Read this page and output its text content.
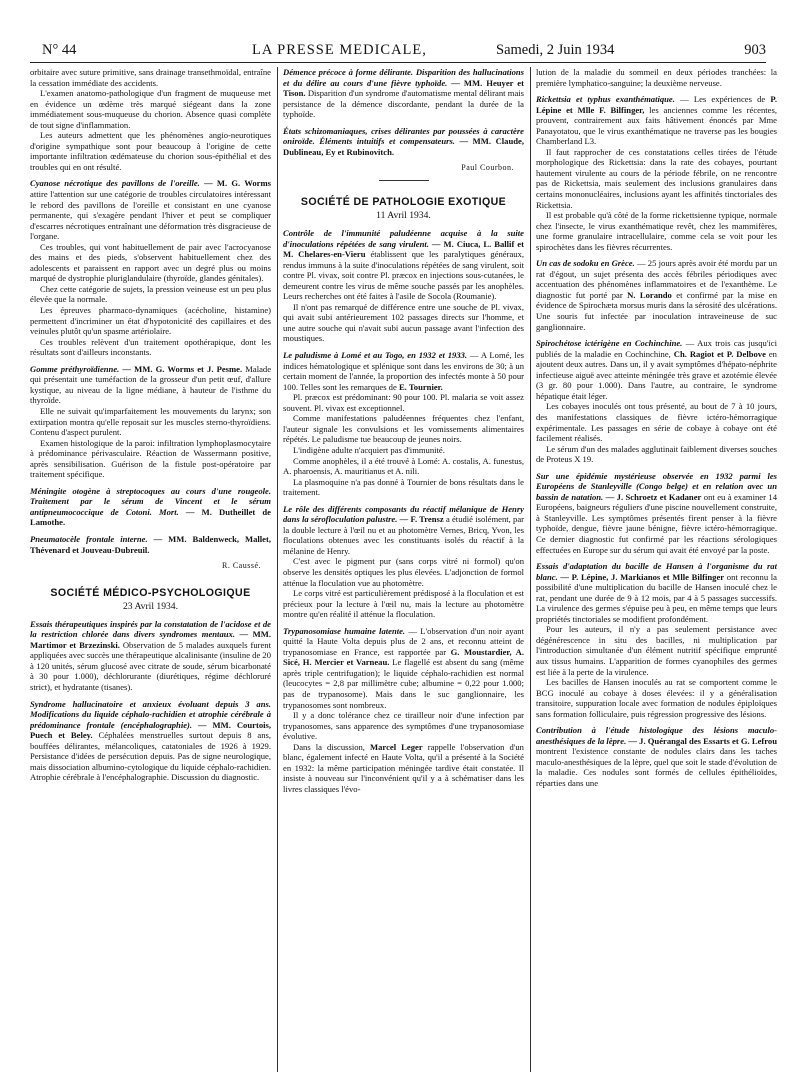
N° 44	LA PRESSE MEDICALE,	Samedi, 2 Juin 1934	903

orbitaire avec suture primitive, sans drainage transethmoïdal, entraîne la cessation immédiate des accidents.

L'examen anatomo-pathologique d'un fragment de muqueuse met en évidence un œdème très marqué siégeant dans la zone immédiatement sous-muqueuse du chorion. Absence quasi complète de tout signe d'inflammation.

Les auteurs admettent que les phénomènes angio-neurotiques d'origine sympathique sont pour beaucoup à l'origine de cette importante infiltration œdémateuse du chorion sous-épithélial et des troubles qui en ont résulté.

Cyanose nécrotique des pavillons de l'oreille. — M. G. Worms attire l'attention sur une catégorie de troubles circulatoires intéressant le rebord des pavillons de l'oreille et consistant en une cyanose permanente, qui s'exagère pendant l'hiver et peut se compliquer d'escarres nécrotiques entraînant une déformation très disgracieuse de l'organe.

Ces troubles, qui vont habituellement de pair avec l'acrocyanose des mains et des pieds, s'observent habituellement chez des adolescents et paraissent en rapport avec un degré plus ou moins marqué de dystrophie pluriglandulaire (thyroïde, glandes génitales).

Chez cette catégorie de sujets, la pression veineuse est un peu plus élevée que la normale.

Les épreuves pharmaco-dynamiques (acécholine, histamine) permettent d'incriminer un état d'hypotonicité des capillaires et des veinules plutôt qu'un spasme artériolaire.

Ces troubles relèvent d'un traitement opothérapique, dont les résultats sont d'ailleurs inconstants.

Gomme préthyroïdienne. — MM. G. Worms et J. Pesme. Malade qui présentait une tuméfaction de la grosseur d'un petit œuf, d'allure kystique, au niveau de la ligne médiane, à hauteur de l'isthme du thyroïde.

Elle ne suivait qu'imparfaitement les mouvements du larynx; son extirpation montra qu'elle reposait sur les muscles sterno-thyroïdiens. Contenu d'aspect purulent.

Examen histologique de la paroi: infiltration lymphoplasmocytaire à prédominance périvasculaire. Réaction de Wassermann positive, après sensibilisation. Guérison de la fistule post-opératoire par traitement spécifique.

Méningite otogène à streptocoques au cours d'une rougeole. Traitement par le sérum de Vincent et le sérum antipneumococcique de Cotoni. Mort. — M. Dutheillet de Lamothe.

Pneumatocèle frontale interne. — MM. Baldenweck, Mallet, Thévenard et Jouveau-Dubreuil.

R. Caussé.

SOCIÉTÉ MÉDICO-PSYCHOLOGIQUE
23 Avril 1934.

Essais thérapeutiques inspirés par la constatation de l'acidose et de la restriction chlorée dans divers syndromes mentaux. — MM. Martimor et Brzezinski. Observation de 5 malades auxquels furent appliquées avec succès une thérapeutique alcalinisante (insuline de 20 à 120 unités, sérum glucosé avec citrate de soude, sérum bicarbonaté à 30 pour 1.000), déchlorurante (diurétiques, régime déchloruré strict), et hydratante (tisanes).

Syndrome hallucinatoire et anxieux évoluant depuis 3 ans. Modifications du liquide céphalo-rachidien et atrophie cérébrale à prédominance frontale (encéphalographie). — MM. Courtois, Puech et Beley. Céphalées menstruelles surtout depuis 8 ans, bouffées délirantes, mélancoliques, catatoniales de 1926 à 1929. Persistance d'idées de persécution depuis. Pas de signe neurologique, mais dissociation albumino-cytologique du liquide céphalo-rachidien. Atrophie cérébrale à l'encéphalographie. Discussion du diagnostic.

Démence précoce à forme délirante. Disparition des hallucinations et du délire au cours d'une fièvre typhoïde. — MM. Heuyer et Tison. Disparition d'un syndrome d'automatisme mental délirant mais persistance de la démence discordante, pendant la durée de la typhoïde.

États schizomaniaques, crises délirantes par poussées à caractère oniroïde. Éléments intuitifs et compensateurs. — MM. Claude, Dublineau, Ey et Rubinovitch.

Paul Courbon.

SOCIÉTÉ DE PATHOLOGIE EXOTIQUE
11 Avril 1934.

Contrôle de l'immunité paludéenne acquise à la suite d'inoculations répétées de sang virulent. — M. Ciuca, L. Ballif et M. Chelares-en-Vieru établissent que les paralytiques généraux, rendus immuns à la suite d'inoculations répétées de sang virulent, soit contre Pl. vivax, soit contre Pl. præcox en injections sous-cutanées, le demeurent contre les virus de même souche passés par les anophèles. Leurs recherches ont été faites à l'asile de Socola (Roumanie).

Il n'ont pas remarqué de différence entre une souche de Pl. vivax, qui avait subi antérieurement 102 passages directs sur l'homme, et une autre souche qui n'avait subi aucun passage avant l'infection des moustiques.

Le paludisme à Lomé et au Togo, en 1932 et 1933. — A Lomé, les indices hématologique et splénique sont dans les environs de 30; à un certain moment de l'année, la proportion des infectés monte à 50 pour 100. Telles sont les remarques de E. Tournier.

Pl. præcox est prédominant: 90 pour 100. Pl. malaria se voit assez souvent. Pl. vivax est exceptionnel.

Comme manifestations paludéennes fréquentes chez l'enfant, l'auteur signale les convulsions et les vomissements alimentaires répétés. Le paludisme tue beaucoup de jeunes noirs.

L'indigène adulte n'acquiert pas d'immunité.

Comme anophèles, il a été trouvé à Lomé: A. costalis, A. funestus, A. pharoensis, A. mauritianus et A. nili.

La plasmoquine n'a pas donné à Tournier de bons résultats dans le traitement.

Le rôle des différents composants du réactif mélanique de Henry dans la sérofloculation palustre. — F. Trensz a étudié isolément, par la double lecture à l'œil nu et au photomètre Vernes, Bricq, Yvon, les floculations obtenues avec les constituants isolés du réactif à la mélanine de Henry.

C'est avec le pigment pur (sans corps vitré ni formol) qu'on observe les densités optiques les plus élevées. L'adjonction de formol atténue la floculation vue au photomètre.

Le corps vitré est particulièrement prédisposé à la floculation et est précieux pour la lecture à l'œil nu, mais la lecture au photomètre montre qu'en réalité il atténue la floculation.

Trypanosomiase humaine latente. — L'observation d'un noir ayant quitté la Haute Volta depuis plus de 2 ans, et reconnu atteint de trypanosomiase en France, est rapportée par G. Moustardier, A. Sicé, H. Mercier et Varneau. Le flagellé est absent du sang (même après triple centrifugation); le liquide céphalo-rachidien est normal (leucocytes = 2,8 par millimètre cube; albumine = 0,22 pour 1.000; pas de trypanosome). Mais dans le suc ganglionnaire, les trypanosomes sont nombreux.

Il y a donc tolérance chez ce tirailleur noir d'une infection par trypanosomes, sans apparence des symptômes d'une trypanosomiase évolutive.

Dans la discussion, Marcel Leger rappelle l'observation d'un blanc, également infecté en Haute Volta, qu'il a présenté à la Société en 1932: la même participation méningée tardive était constatée. Il insiste à nouveau sur l'inconvénient qu'il y a à schématiser dans les livres classiques l'évo-

lution de la maladie du sommeil en deux périodes tranchées: la première lymphatico-sanguine; la deuxième nerveuse.

Rickettsia et typhus exanthématique. — Les expériences de P. Lépine et Mlle F. Bilfinger, les anciennes comme les récentes, prouvent, contrairement aux faits hâtivement énoncés par Mme Panayotatou, que le virus exanthématique ne traverse pas les bougies Chamberland L3.

Il faut rapprocher de ces constatations celles tirées de l'étude morphologique des Rickettsia: dans la rate des cobayes, pourtant hautement virulente au cours de la période fébrile, on ne rencontre pas de Rickettsia, mais seulement des inclusions granulaires dans certains mononucléaires, inclusions ayant les affinités tinctoriales des Rickettsia.

Il est probable qu'à côté de la forme rickettsienne typique, normale chez l'insecte, le virus exanthématique revêt, chez les mammifères, une forme granulaire intracellulaire, comme cela se voit pour les spirochètes dans les fièvres récurrentes.

Un cas de sodoku en Grèce. — 25 jours après avoir été mordu par un rat d'égout, un sujet présenta des accès fébriles périodiques avec accentuation des phénomènes inflammatoires et de l'exanthème. Le diagnostic fut porté par N. Lorando et confirmé par la mise en évidence de Spirochæta morsus muris dans la sérosité des ulcérations. Une souris fut infectée par inoculation intraveineuse de suc ganglionnaire.

Spirochétose ictérigène en Cochinchine. — Aux trois cas jusqu'ici publiés de la maladie en Cochinchine, Ch. Ragiot et P. Delbove en ajoutent deux autres. Dans un, il y avait symptômes d'hépato-néphrite infectieuse aiguë avec atteinte méningée très grave et azotémie élevée (3 gr. 80 pour 1.000). Dans l'autre, au contraire, le syndrome hépatique était léger.

Les cobayes inoculés ont tous présenté, au bout de 7 à 10 jours, des manifestations classiques de fièvre ictéro-hémorragique expérimentale. Les passages en série de cobaye à cobaye ont été facilement réalisés.

Le sérum d'un des malades agglutinait faiblement diverses souches de Proteus X 19.

Sur une épidémie mystérieuse observée en 1932 parmi les Européens de Stanleyville (Congo belge) et en relation avec un bassin de natation. — J. Schroetz et Kadaner ont eu à examiner 14 Européens, baigneurs réguliers d'une piscine nouvellement construite, à Stanleyville. Les symptômes présentés firent penser à la fièvre typhoïde, dengue, fièvre jaune bénigne, fièvre ictéro-hémorragique. Ce dernier diagnostic fut confirmé par les réactions sérologiques effectuées en Europe sur du sérum qui avait été envoyé par la poste.

Essais d'adaptation du bacille de Hansen à l'organisme du rat blanc. — P. Lépine, J. Markianos et Mlle Bilfinger ont reconnu la possibilité d'une multiplication du bacille de Hansen inoculé chez le rat, pendant une durée de 9 à 12 mois, par 4 à 5 passages successifs. La virulence des germes s'épuise peu à peu, en même temps que leurs propriétés tinctoriales se modifient profondément.

Pour les auteurs, il n'y a pas seulement persistance avec dégénérescence in situ des bacilles, ni multiplication par l'introduction simultanée d'un élément nutritif spécifique emprunté aux tissus humains. L'apparition de formes cyanophiles des germes est liée à la perte de la virulence.

Les bacilles de Hansen inoculés au rat se comportent comme le BCG inoculé au cobaye à doses élevées: il y a généralisation transitoire, suppuration locale avec formation de nodules épiploïques sans formation folliculaire, puis régression progressive des lésions.

Contribution à l'étude histologique des lésions maculo-anesthésiques de la lèpre. — J. Quérangal des Essarts et G. Lefrou montrent l'existence constante de nodules clairs dans les taches maculo-anesthésiques de la lèpre, quel que soit le stade d'évolution de la maladie. Ces nodules sont formés de cellules épithélioïdes, réparties dans une
